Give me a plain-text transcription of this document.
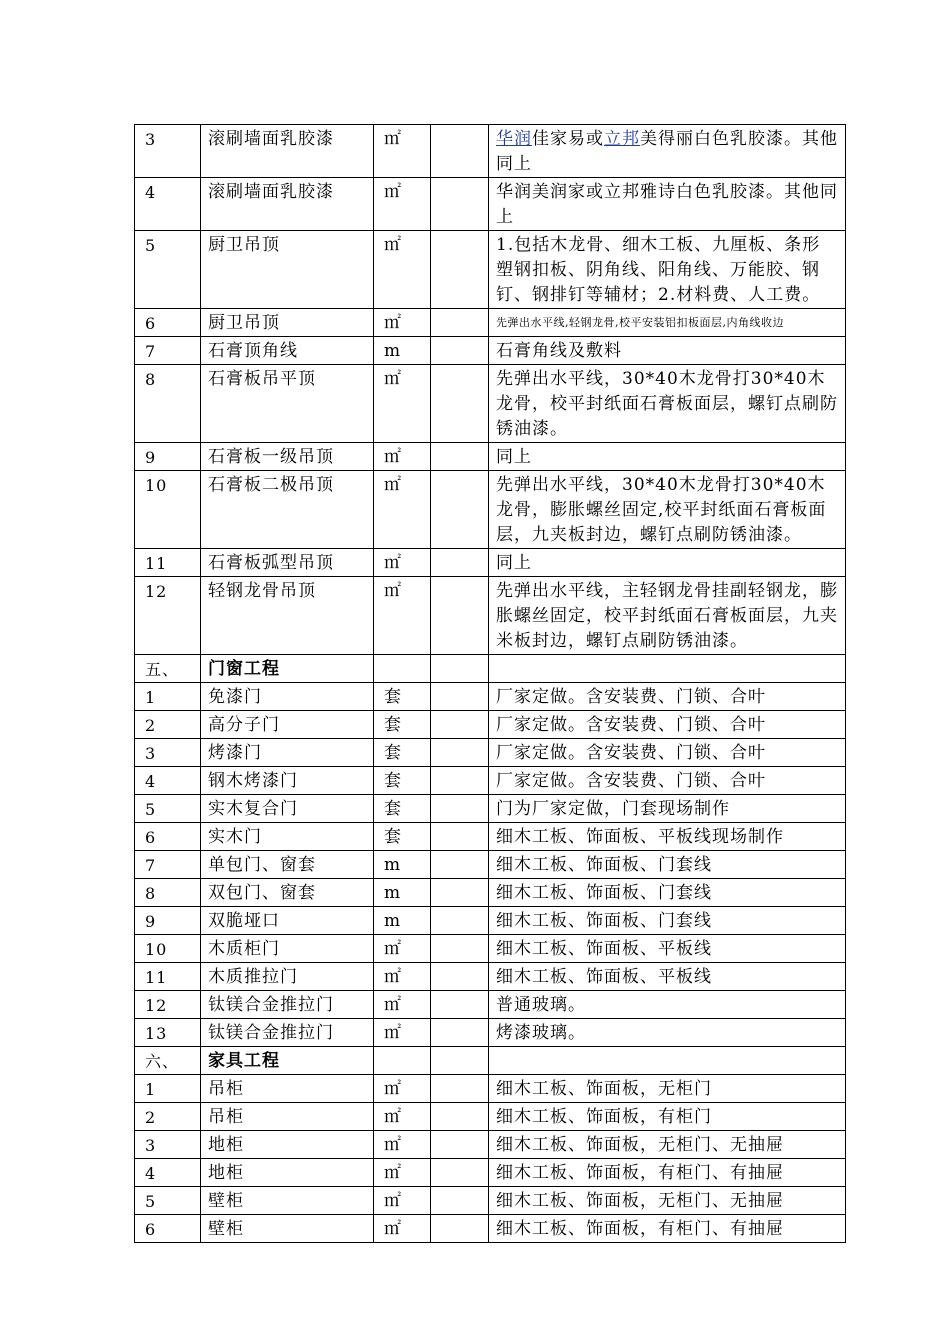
3	滚刷墙面乳胶漆	㎡		华润佳家易或立邦美得丽白色乳胶漆。其他同上
4	滚刷墙面乳胶漆	㎡		华润美润家或立邦雅诗白色乳胶漆。其他同上
5	厨卫吊顶	㎡		1.包括木龙骨、细木工板、九厘板、条形塑钢扣板、阴角线、阳角线、万能胶、钢钉、钢排钉等辅材；2.材料费、人工费。
6	厨卫吊顶	㎡		先弹出水平线,轻钢龙骨,校平安装铝扣板面层,内角线收边
7	石膏顶角线	m		石膏角线及敷料
8	石膏板吊平顶	㎡		先弹出水平线，30*40木龙骨打30*40木龙骨，校平封纸面石膏板面层，螺钉点刷防锈油漆。
9	石膏板一级吊顶	㎡		同上
10	石膏板二极吊顶	㎡		先弹出水平线，30*40木龙骨打30*40木龙骨，膨胀螺丝固定,校平封纸面石膏板面层，九夹板封边，螺钉点刷防锈油漆。
11	石膏板弧型吊顶	㎡		同上
12	轻钢龙骨吊顶	㎡		先弹出水平线，主轻钢龙骨挂副轻钢龙，膨胀螺丝固定，校平封纸面石膏板面层，九夹米板封边，螺钉点刷防锈油漆。
五、	门窗工程			
1	免漆门	套		厂家定做。含安装费、门锁、合叶
2	高分子门	套		厂家定做。含安装费、门锁、合叶
3	烤漆门	套		厂家定做。含安装费、门锁、合叶
4	钢木烤漆门	套		厂家定做。含安装费、门锁、合叶
5	实木复合门	套		门为厂家定做，门套现场制作
6	实木门	套		细木工板、饰面板、平板线现场制作
7	单包门、窗套	m		细木工板、饰面板、门套线
8	双包门、窗套	m		细木工板、饰面板、门套线
9	双脆垭口	m		细木工板、饰面板、门套线
10	木质柜门	㎡		细木工板、饰面板、平板线
11	木质推拉门	㎡		细木工板、饰面板、平板线
12	钛镁合金推拉门	㎡		普通玻璃。
13	钛镁合金推拉门	㎡		烤漆玻璃。
六、	家具工程			
1	吊柜	㎡		细木工板、饰面板，无柜门
2	吊柜	㎡		细木工板、饰面板，有柜门
3	地柜	㎡		细木工板、饰面板，无柜门、无抽屉
4	地柜	㎡		细木工板、饰面板，有柜门、有抽屉
5	壁柜	㎡		细木工板、饰面板，无柜门、无抽屉
6	壁柜	㎡		细木工板、饰面板，有柜门、有抽屉
